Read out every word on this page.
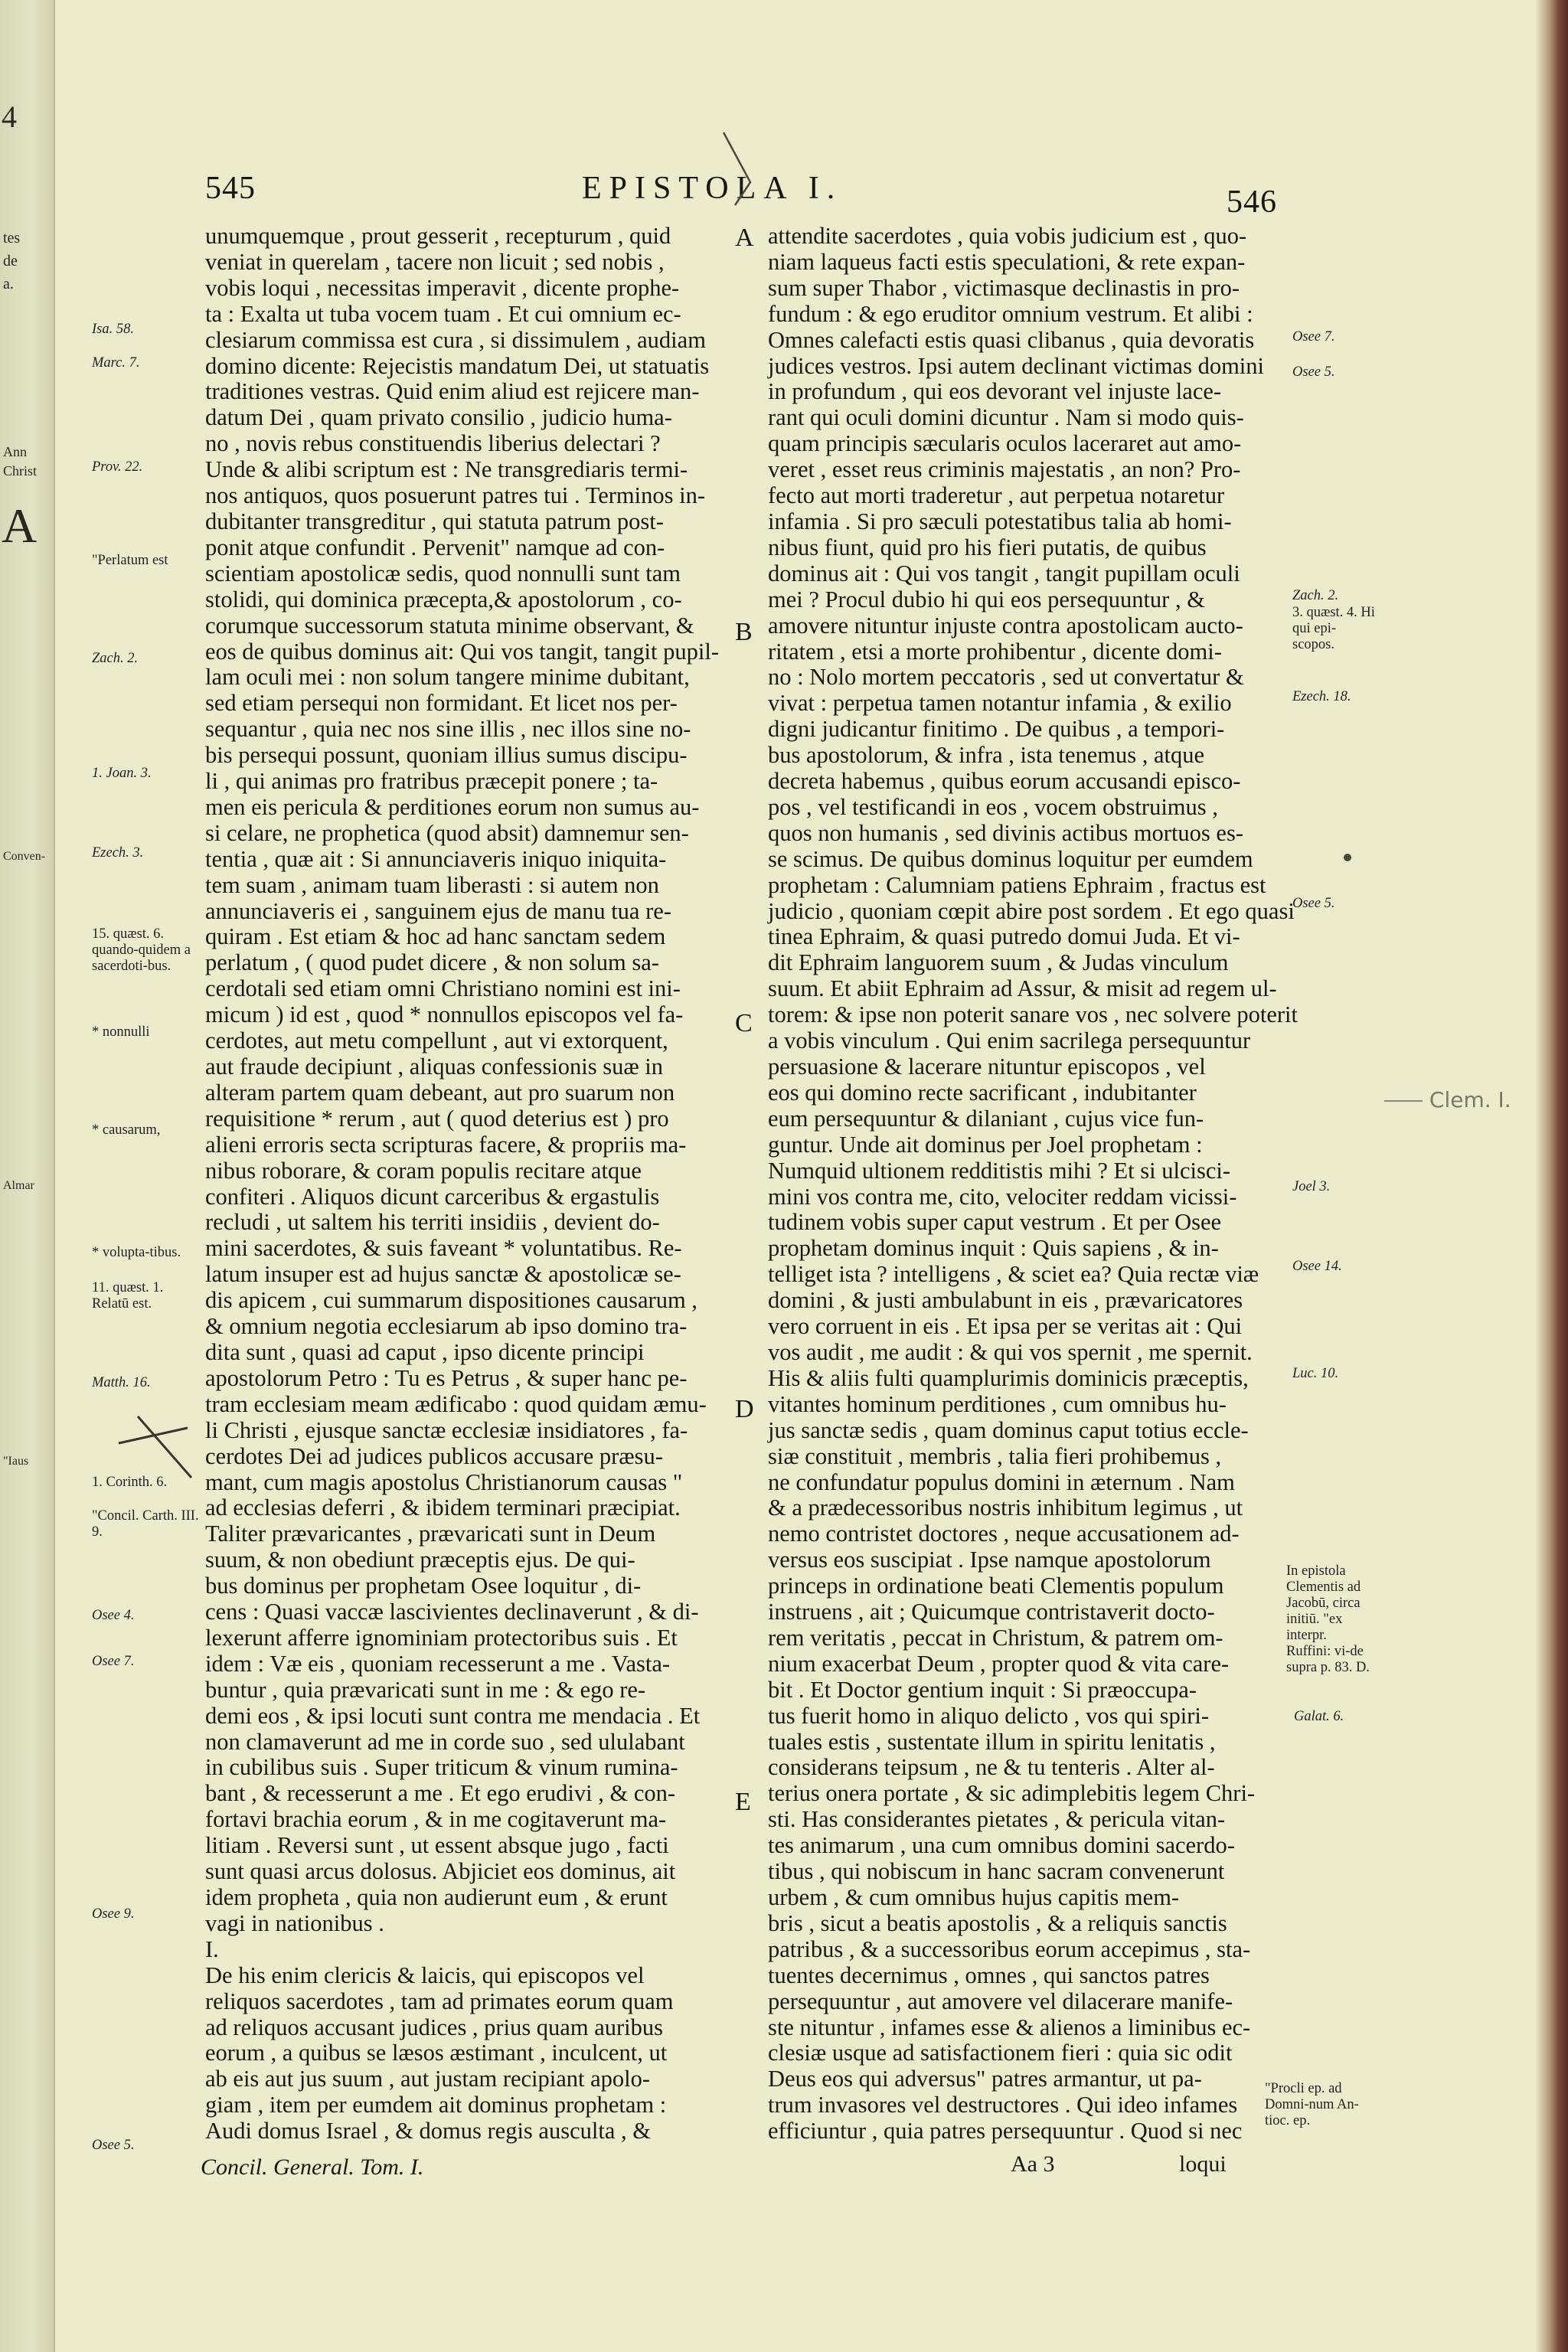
4
tes
de
a.
Ann
Christ
A
Conven-
Almar
"Iaus
545	EPISTOLA I.	546
unumquemque , prout gesserit , recepturum , quid
veniat in querelam , tacere non licuit ; sed nobis ,
vobis loqui , necessitas imperavit , dicente prophe-
ta : Exalta ut tuba vocem tuam . Et cui omnium ec-
clesiarum commissa est cura , si dissimulem , audiam
domino dicente: Rejecistis mandatum Dei, ut statuatis
traditiones vestras. Quid enim aliud est rejicere man-
datum Dei , quam privato consilio , judicio huma-
no , novis rebus constituendis liberius delectari ?
Unde & alibi scriptum est : Ne transgrediaris termi-
nos antiquos, quos posuerunt patres tui . Terminos in-
dubitanter transgreditur , qui statuta patrum post-
ponit atque confundit . Pervenit" namque ad con-
scientiam apostolicæ sedis, quod nonnulli sunt tam
stolidi, qui dominica præcepta,& apostolorum , co-
corumque successorum statuta minime observant, &
eos de quibus dominus ait: Qui vos tangit, tangit pupil-
lam oculi mei : non solum tangere minime dubitant,
sed etiam persequi non formidant. Et licet nos per-
sequantur , quia nec nos sine illis , nec illos sine no-
bis persequi possunt, quoniam illius sumus discipu-
li , qui animas pro fratribus præcepit ponere ; ta-
men eis pericula & perditiones eorum non sumus au-
si celare, ne prophetica (quod absit) damnemur sen-
tentia , quæ ait : Si annunciaveris iniquo iniquita-
tem suam , animam tuam liberasti : si autem non
annunciaveris ei , sanguinem ejus de manu tua re-
quiram . Est etiam & hoc ad hanc sanctam sedem
perlatum , ( quod pudet dicere , & non solum sa-
cerdotali sed etiam omni Christiano nomini est ini-
micum ) id est , quod * nonnullos episcopos vel fa-
cerdotes, aut metu compellunt , aut vi extorquent,
aut fraude decipiunt , aliquas confessionis suæ in
alteram partem quam debeant, aut pro suarum non
requisitione * rerum , aut ( quod deterius est ) pro
alieni erroris secta scripturas facere, & propriis ma-
nibus roborare, & coram populis recitare atque
confiteri . Aliquos dicunt carceribus & ergastulis
recludi , ut saltem his territi insidiis , devient do-
mini sacerdotes, & suis faveant * voluntatibus. Re-
latum insuper est ad hujus sanctæ & apostolicæ se-
dis apicem , cui summarum dispositiones causarum ,
& omnium negotia ecclesiarum ab ipso domino tra-
dita sunt , quasi ad caput , ipso dicente principi
apostolorum Petro : Tu es Petrus , & super hanc pe-
tram ecclesiam meam ædificabo : quod quidam æmu-
li Christi , ejusque sanctæ ecclesiæ insidiatores , fa-
cerdotes Dei ad judices publicos accusare præsu-
mant, cum magis apostolus Christianorum causas "
ad ecclesias deferri , & ibidem terminari præcipiat.
Taliter prævaricantes , prævaricati sunt in Deum
suum, & non obediunt præceptis ejus. De qui-
bus dominus per prophetam Osee loquitur , di-
cens : Quasi vaccæ lascivientes declinaverunt , & di-
lexerunt afferre ignominiam protectoribus suis . Et
idem : Væ eis , quoniam recesserunt a me . Vasta-
buntur , quia prævaricati sunt in me : & ego re-
demi eos , & ipsi locuti sunt contra me mendacia . Et
non clamaverunt ad me in corde suo , sed ululabant
in cubilibus suis . Super triticum & vinum rumina-
bant , & recesserunt a me . Et ego erudivi , & con-
fortavi brachia eorum , & in me cogitaverunt ma-
litiam . Reversi sunt , ut essent absque jugo , facti
sunt quasi arcus dolosus. Abjiciet eos dominus, ait
idem propheta , quia non audierunt eum , & erunt
vagi in nationibus .
I.
De his enim clericis & laicis, qui episcopos vel
reliquos sacerdotes , tam ad primates eorum quam
ad reliquos accusant judices , prius quam auribus
eorum , a quibus se læsos æstimant , inculcent, ut
ab eis aut jus suum , aut justam recipiant apolo-
giam , item per eumdem ait dominus prophetam :
Audi domus Israel , & domus regis ausculta , &
attendite sacerdotes , quia vobis judicium est , quo-
niam laqueus facti estis speculationi, & rete expan-
sum super Thabor , victimasque declinastis in pro-
fundum : & ego eruditor omnium vestrum. Et alibi :
Omnes calefacti estis quasi clibanus , quia devoratis
judices vestros. Ipsi autem declinant victimas domini
in profundum , qui eos devorant vel injuste lace-
rant qui oculi domini dicuntur . Nam si modo quis-
quam principis sæcularis oculos laceraret aut amo-
veret , esset reus criminis majestatis , an non? Pro-
fecto aut morti traderetur , aut perpetua notaretur
infamia . Si pro sæculi potestatibus talia ab homi-
nibus fiunt, quid pro his fieri putatis, de quibus
dominus ait : Qui vos tangit , tangit pupillam oculi
mei ? Procul dubio hi qui eos persequuntur , &
amovere nituntur injuste contra apostolicam aucto-
ritatem , etsi a morte prohibentur , dicente domi-
no : Nolo mortem peccatoris , sed ut convertatur &
vivat : perpetua tamen notantur infamia , & exilio
digni judicantur finitimo . De quibus , a tempori-
bus apostolorum, & infra , ista tenemus , atque
decreta habemus , quibus eorum accusandi episco-
pos , vel testificandi in eos , vocem obstruimus ,
quos non humanis , sed divinis actibus mortuos es-
se scimus. De quibus dominus loquitur per eumdem
prophetam : Calumniam patiens Ephraim , fractus est
judicio , quoniam cœpit abire post sordem . Et ego quasi
tinea Ephraim, & quasi putredo domui Juda. Et vi-
dit Ephraim languorem suum , & Judas vinculum
suum. Et abiit Ephraim ad Assur, & misit ad regem ul-
torem: & ipse non poterit sanare vos , nec solvere poterit
a vobis vinculum . Qui enim sacrilega persequuntur
persuasione & lacerare nituntur episcopos , vel
eos qui domino recte sacrificant , indubitanter
eum persequuntur & dilaniant , cujus vice fun-
guntur. Unde ait dominus per Joel prophetam :
Numquid ultionem redditistis mihi ? Et si ulcisci-
mini vos contra me, cito, velociter reddam vicissi-
tudinem vobis super caput vestrum . Et per Osee
prophetam dominus inquit : Quis sapiens , & in-
telliget ista ? intelligens , & sciet ea? Quia rectæ viæ
domini , & justi ambulabunt in eis , prævaricatores
vero corruent in eis . Et ipsa per se veritas ait : Qui
vos audit , me audit : & qui vos spernit , me spernit.
His & aliis fulti quamplurimis dominicis præceptis,
vitantes hominum perditiones , cum omnibus hu-
jus sanctæ sedis , quam dominus caput totius eccle-
siæ constituit , membris , talia fieri prohibemus ,
ne confundatur populus domini in æternum . Nam
& a prædecessoribus nostris inhibitum legimus , ut
nemo contristet doctores , neque accusationem ad-
versus eos suscipiat . Ipse namque apostolorum
princeps in ordinatione beati Clementis populum
instruens , ait ; Quicumque contristaverit docto-
rem veritatis , peccat in Christum, & patrem om-
nium exacerbat Deum , propter quod & vita care-
bit . Et Doctor gentium inquit : Si præoccupa-
tus fuerit homo in aliquo delicto , vos qui spiri-
tuales estis , sustentate illum in spiritu lenitatis ,
considerans teipsum , ne & tu tenteris . Alter al-
terius onera portate , & sic adimplebitis legem Chri-
sti. Has considerantes pietates , & pericula vitan-
tes animarum , una cum omnibus domini sacerdo-
tibus , qui nobiscum in hanc sacram convenerunt
urbem , & cum omnibus hujus capitis mem-
bris , sicut a beatis apostolis , & a reliquis sanctis
patribus , & a successoribus eorum accepimus , sta-
tuentes decernimus , omnes , qui sanctos patres
persequuntur , aut amovere vel dilacerare manife-
ste nituntur , infames esse & alienos a liminibus ec-
clesiæ usque ad satisfactionem fieri : quia sic odit
Deus eos qui adversus" patres armantur, ut pa-
trum invasores vel destructores . Qui ideo infames
efficiuntur , quia patres persequuntur . Quod si nec
Concil. General. Tom. I.	Aa 3	loqui
A
B
C
D
E
Isa. 58.
Marc. 7.
Prov. 22.
"Perlatum est
Zach. 2.
1. Joan. 3.
Ezech. 3.
15. quæst. 6. quando-quidem a sacerdoti-bus.
* nonnulli
* causarum,
* volupta-tibus.
11. quæst. 1. Relatū est.
Matth. 16.
1. Corinth. 6.
"Concil. Carth. III. 9.
Osee 4.
Osee 7.
Osee 9.
Osee 5.
Osee 7.
Osee 5.
Zach. 2.
3. quæst. 4. Hi qui epi-scopos.
Ezech. 18.
Osee 5.
Joel 3.
Osee 14.
Luc. 10.
In epistola Clementis ad Jacobū, circa initiū. "ex interpr. Ruffini: vi-de supra p. 83. D.
Galat. 6.
"Procli ep. ad Domni-num An-tioc. ep.
Clem. I.
